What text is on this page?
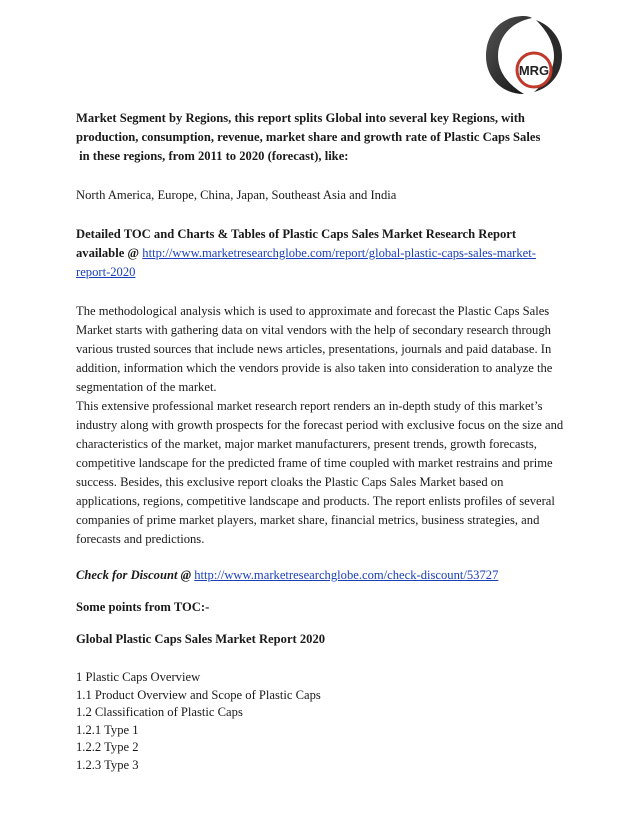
MRG

Market Segment by Regions, this report splits Global into several key Regions, with

production, consumption, revenue, market share and growth rate of Plastic Caps Sales

in these regions, from 2011 to 2020 (forecast), like:

North America, Europe, China, Japan, Southeast Asia and India

Detailed TOC and Charts & Tables of Plastic Caps Sales Market Research Report

available @ http://www.marketresearchglobe.com/report/global-plastic-caps-sales-market-

report-2020

The methodological analysis which is used to approximate and forecast the Plastic Caps Sales

Market starts with gathering data on vital vendors with the help of secondary research through

various trusted sources that include news articles, presentations, journals and paid database. In

addition, information which the vendors provide is also taken into consideration to analyze the

segmentation of the market.

This extensive professional market research report renders an in-depth study of this market’s

industry along with growth prospects for the forecast period with exclusive focus on the size and

characteristics of the market, major market manufacturers, present trends, growth forecasts,

competitive landscape for the predicted frame of time coupled with market restrains and prime

success. Besides, this exclusive report cloaks the Plastic Caps Sales Market based on

applications, regions, competitive landscape and products. The report enlists profiles of several

companies of prime market players, market share, financial metrics, business strategies, and

forecasts and predictions.

Check for Discount @ http://www.marketresearchglobe.com/check-discount/53727

Some points from TOC:-

Global Plastic Caps Sales Market Report 2020

1 Plastic Caps Overview

1.1 Product Overview and Scope of Plastic Caps

1.2 Classification of Plastic Caps

1.2.1 Type 1

1.2.2 Type 2

1.2.3 Type 3
